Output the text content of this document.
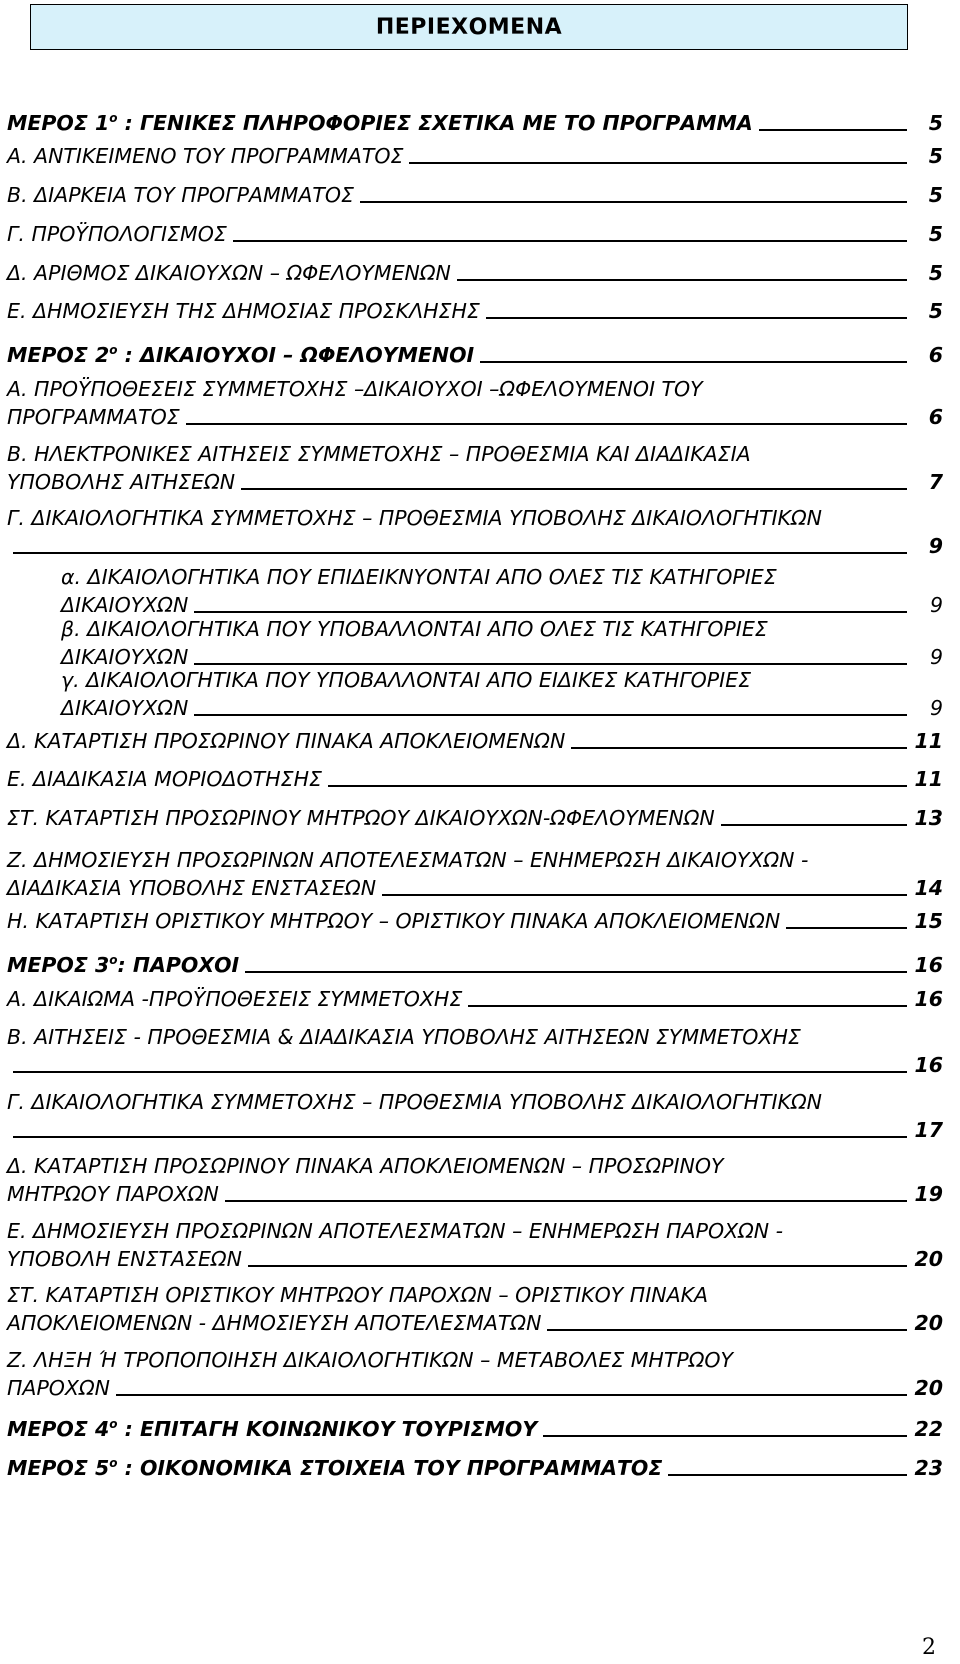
ΠΕΡΙΕΧΟΜΕΝΑ
ΜΕΡΟΣ $1^o$ : ΓΕΝΙΚΕΣ ΠΛΗΡΟΦΟΡΙΕΣ ΣΧΕΤΙΚΑ ΜΕ ΤΟ ΠΡΟΓΡΑΜΜΑ	5
Α. ΑΝΤΙΚΕΙΜΕΝΟ ΤΟΥ ΠΡΟΓΡΑΜΜΑΤΟΣ	5
Β. ΔΙΑΡΚΕΙΑ ΤΟΥ ΠΡΟΓΡΑΜΜΑΤΟΣ	5
Γ. ΠΡΟΫΠΟΛΟΓΙΣΜΟΣ	5
Δ. ΑΡΙΘΜΟΣ ΔΙΚΑΙΟΥΧΩΝ – ΩΦΕΛΟΥΜΕΝΩΝ	5
Ε. ΔΗΜΟΣΙΕΥΣΗ ΤΗΣ ΔΗΜΟΣΙΑΣ ΠΡΟΣΚΛΗΣΗΣ	5
ΜΕΡΟΣ $2^o$ : ΔΙΚΑΙΟΥΧΟΙ – ΩΦΕΛΟΥΜΕΝΟΙ	6
Α. ΠΡΟΫΠΟΘΕΣΕΙΣ ΣΥΜΜΕΤΟΧΗΣ –ΔΙΚΑΙΟΥΧΟΙ –ΩΦΕΛΟΥΜΕΝΟΙ ΤΟΥ
ΠΡΟΓΡΑΜΜΑΤΟΣ	6
Β. ΗΛΕΚΤΡΟΝΙΚΕΣ ΑΙΤΗΣΕΙΣ ΣΥΜΜΕΤΟΧΗΣ – ΠΡΟΘΕΣΜΙΑ ΚΑΙ ΔΙΑΔΙΚΑΣΙΑ
ΥΠΟΒΟΛΗΣ ΑΙΤΗΣΕΩΝ	7
Γ. ΔΙΚΑΙΟΛΟΓΗΤΙΚΑ ΣΥΜΜΕΤΟΧΗΣ – ΠΡΟΘΕΣΜΙΑ ΥΠΟΒΟΛΗΣ ΔΙΚΑΙΟΛΟΓΗΤΙΚΩΝ
9
α. ΔΙΚΑΙΟΛΟΓΗΤΙΚΑ ΠΟΥ ΕΠΙΔΕΙΚΝΥΟΝΤΑΙ ΑΠΟ ΟΛΕΣ ΤΙΣ ΚΑΤΗΓΟΡΙΕΣ
ΔΙΚΑΙΟΥΧΩΝ	9
β. ΔΙΚΑΙΟΛΟΓΗΤΙΚΑ ΠΟΥ ΥΠΟΒΑΛΛΟΝΤΑΙ ΑΠΟ ΟΛΕΣ ΤΙΣ ΚΑΤΗΓΟΡΙΕΣ
ΔΙΚΑΙΟΥΧΩΝ	9
γ. ΔΙΚΑΙΟΛΟΓΗΤΙΚΑ ΠΟΥ ΥΠΟΒΑΛΛΟΝΤΑΙ ΑΠΟ ΕΙΔΙΚΕΣ ΚΑΤΗΓΟΡΙΕΣ
ΔΙΚΑΙΟΥΧΩΝ	9
Δ. ΚΑΤΑΡΤΙΣΗ ΠΡΟΣΩΡΙΝΟΥ ΠΙΝΑΚΑ ΑΠΟΚΛΕΙΟΜΕΝΩΝ	11
Ε. ΔΙΑΔΙΚΑΣΙΑ ΜΟΡΙΟΔΟΤΗΣΗΣ	11
ΣΤ. ΚΑΤΑΡΤΙΣΗ ΠΡΟΣΩΡΙΝΟΥ ΜΗΤΡΩΟΥ ΔΙΚΑΙΟΥΧΩΝ-ΩΦΕΛΟΥΜΕΝΩΝ	13
Ζ. ΔΗΜΟΣΙΕΥΣΗ ΠΡΟΣΩΡΙΝΩΝ ΑΠΟΤΕΛΕΣΜΑΤΩΝ – ΕΝΗΜΕΡΩΣΗ ΔΙΚΑΙΟΥΧΩΝ -
ΔΙΑΔΙΚΑΣΙΑ ΥΠΟΒΟΛΗΣ ΕΝΣΤΑΣΕΩΝ	14
Η. ΚΑΤΑΡΤΙΣΗ ΟΡΙΣΤΙΚΟΥ ΜΗΤΡΩΟΥ – ΟΡΙΣΤΙΚΟΥ ΠΙΝΑΚΑ ΑΠΟΚΛΕΙΟΜΕΝΩΝ	15
ΜΕΡΟΣ $3^o$: ΠΑΡΟΧΟΙ	16
Α. ΔΙΚΑΙΩΜΑ -ΠΡΟΫΠΟΘΕΣΕΙΣ ΣΥΜΜΕΤΟΧΗΣ	16
Β. ΑΙΤΗΣΕΙΣ - ΠΡΟΘΕΣΜΙΑ & ΔΙΑΔΙΚΑΣΙΑ ΥΠΟΒΟΛΗΣ ΑΙΤΗΣΕΩΝ ΣΥΜΜΕΤΟΧΗΣ
16
Γ. ΔΙΚΑΙΟΛΟΓΗΤΙΚΑ ΣΥΜΜΕΤΟΧΗΣ – ΠΡΟΘΕΣΜΙΑ ΥΠΟΒΟΛΗΣ ΔΙΚΑΙΟΛΟΓΗΤΙΚΩΝ
17
Δ. ΚΑΤΑΡΤΙΣΗ ΠΡΟΣΩΡΙΝΟΥ ΠΙΝΑΚΑ ΑΠΟΚΛΕΙΟΜΕΝΩΝ – ΠΡΟΣΩΡΙΝΟΥ
ΜΗΤΡΩΟΥ ΠΑΡΟΧΩΝ	19
Ε. ΔΗΜΟΣΙΕΥΣΗ ΠΡΟΣΩΡΙΝΩΝ ΑΠΟΤΕΛΕΣΜΑΤΩΝ – ΕΝΗΜΕΡΩΣΗ ΠΑΡΟΧΩΝ -
ΥΠΟΒΟΛΗ ΕΝΣΤΑΣΕΩΝ	20
ΣΤ. ΚΑΤΑΡΤΙΣΗ ΟΡΙΣΤΙΚΟΥ ΜΗΤΡΩΟΥ ΠΑΡΟΧΩΝ – ΟΡΙΣΤΙΚΟΥ ΠΙΝΑΚΑ
ΑΠΟΚΛΕΙΟΜΕΝΩΝ - ΔΗΜΟΣΙΕΥΣΗ ΑΠΟΤΕΛΕΣΜΑΤΩΝ	20
Ζ. ΛΗΞΗ Ή ΤΡΟΠΟΠΟΙΗΣΗ ΔΙΚΑΙΟΛΟΓΗΤΙΚΩΝ – ΜΕΤΑΒΟΛΕΣ ΜΗΤΡΩΟΥ
ΠΑΡΟΧΩΝ	20
ΜΕΡΟΣ $4^o$ : ΕΠΙΤΑΓΗ ΚΟΙΝΩΝΙΚΟΥ ΤΟΥΡΙΣΜΟΥ	22
ΜΕΡΟΣ $5^o$ : ΟΙΚΟΝΟΜΙΚΑ ΣΤΟΙΧΕΙΑ ΤΟΥ ΠΡΟΓΡΑΜΜΑΤΟΣ	23
2
